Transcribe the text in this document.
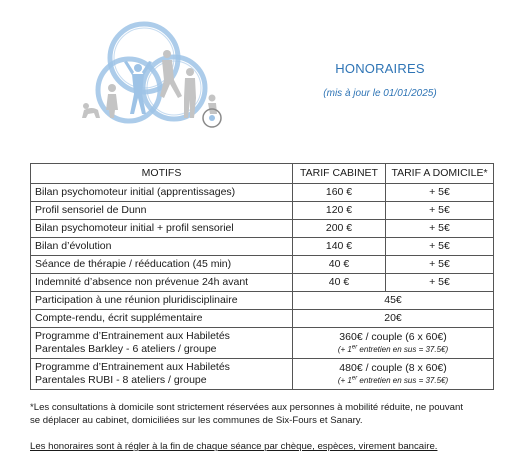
HONORAIRES
(mis à jour le 01/01/2025)
MOTIFS	TARIF CABINET	TARIF A DOMICILE*
Bilan psychomoteur initial (apprentissages)	160 €	+ 5€
Profil sensoriel de Dunn	120 €	+ 5€
Bilan psychomoteur initial + profil sensoriel	200 €	+ 5€
Bilan d’évolution	140 €	+ 5€
Séance de thérapie / rééducation (45 min)	40 €	+ 5€
Indemnité d’absence non prévenue 24h avant	40 €	+ 5€
Participation à une réunion pluridisciplinaire	45€	
Compte-rendu, écrit supplémentaire	20€	

Programme d’Entrainement aux Habiletés
Parentales Barkley - 6 ateliers / groupe	360€ / couple (6 x 60€)
(+ 1er entretien en sus = 37.5€)	

Programme d’Entrainement aux Habiletés
Parentales RUBI - 8 ateliers / groupe	480€ / couple (8 x 60€)
(+ 1er entretien en sus = 37.5€)	
*Les consultations à domicile sont strictement réservées aux personnes à mobilité réduite, ne pouvant
se déplacer au cabinet, domiciliées sur les communes de Six-Fours et Sanary.
Les honoraires sont à régler à la fin de chaque séance par chèque, espèces, virement bancaire.
